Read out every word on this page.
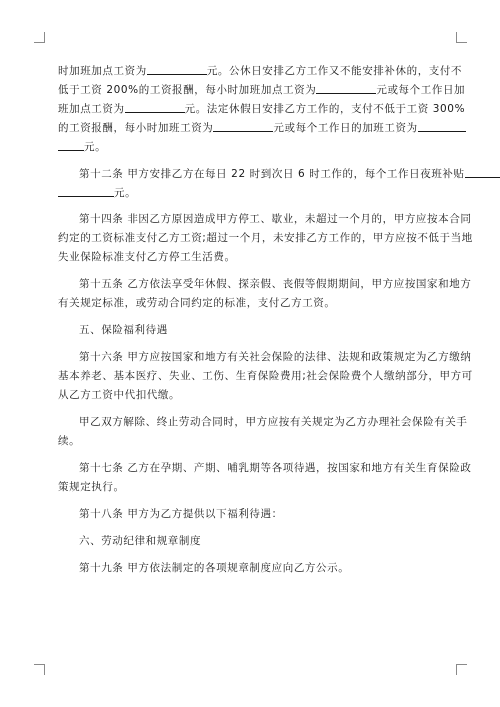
时加班加点工资为	元。公休日安排乙方工作又不能安排补休的，支付不
低于工资 200%的工资报酬，每小时加班加点工资为	元或每个工作日加
班加点工资为	元。法定休假日安排乙方工作的，支付不低于工资 300%
的工资报酬，每小时加班工资为	元或每个工作日的加班工资为
元。
第十二条 甲方安排乙方在每日 22 时到次日 6 时工作的，每个工作日夜班补贴
元。
第十四条 非因乙方原因造成甲方停工、歇业，未超过一个月的，甲方应按本合同
约定的工资标准支付乙方工资;超过一个月，未安排乙方工作的，甲方应按不低于当地
失业保险标准支付乙方停工生活费。
第十五条 乙方依法享受年休假、探亲假、丧假等假期期间，甲方应按国家和地方
有关规定标准，或劳动合同约定的标准，支付乙方工资。
五、保险福利待遇
第十六条 甲方应按国家和地方有关社会保险的法律、法规和政策规定为乙方缴纳
基本养老、基本医疗、失业、工伤、生育保险费用;社会保险费个人缴纳部分，甲方可
从乙方工资中代扣代缴。
甲乙双方解除、终止劳动合同时，甲方应按有关规定为乙方办理社会保险有关手
续。
第十七条 乙方在孕期、产期、哺乳期等各项待遇，按国家和地方有关生育保险政
策规定执行。
第十八条 甲方为乙方提供以下福利待遇：
六、劳动纪律和规章制度
第十九条 甲方依法制定的各项规章制度应向乙方公示。
